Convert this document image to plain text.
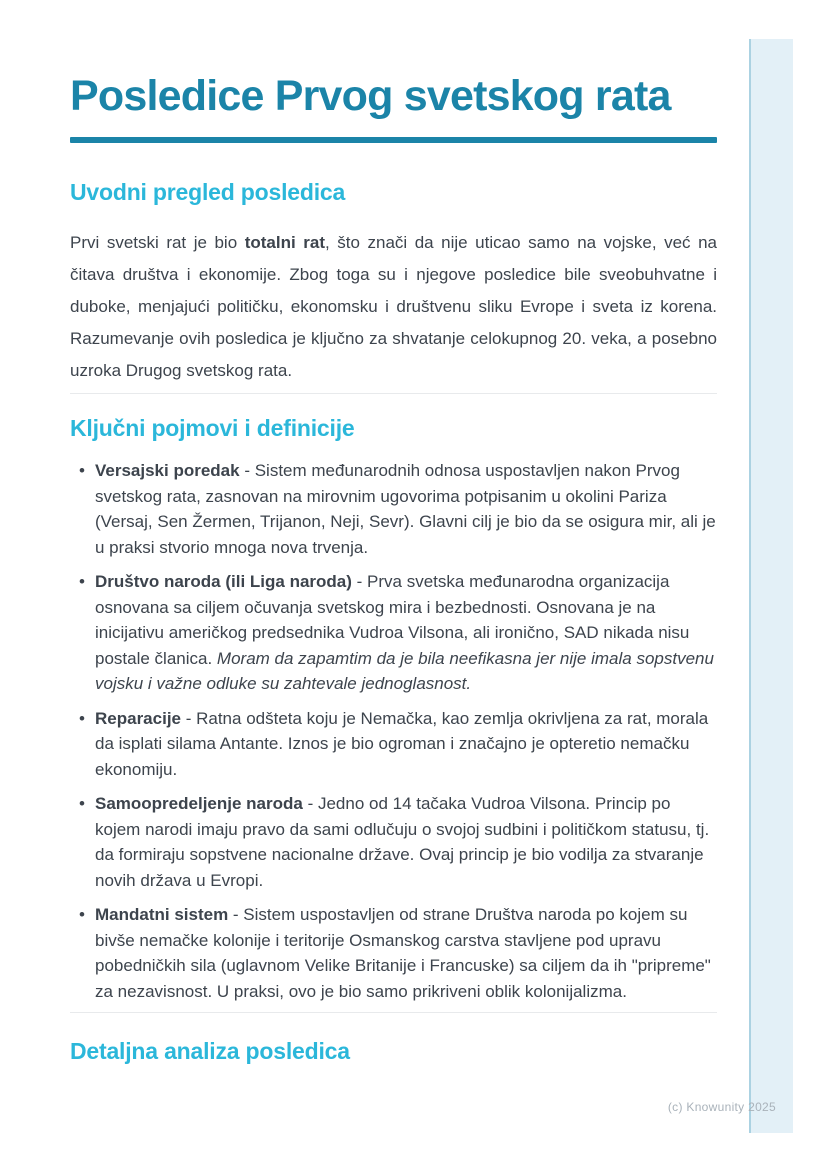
Posledice Prvog svetskog rata
Uvodni pregled posledica

Prvi svetski rat je bio totalni rat, što znači da nije uticao samo na vojske, već na čitava društva i ekonomije. Zbog toga su i njegove posledice bile sveobuhvatne i duboke, menjajući političku, ekonomsku i društvenu sliku Evrope i sveta iz korena. Razumevanje ovih posledica je ključno za shvatanje celokupnog 20. veka, a posebno uzroka Drugog svetskog rata.

Ključni pojmovi i definicije
• Versajski poredak - Sistem međunarodnih odnosa uspostavljen nakon Prvog svetskog rata, zasnovan na mirovnim ugovorima potpisanim u okolini Pariza (Versaj, Sen Žermen, Trijanon, Neji, Sevr). Glavni cilj je bio da se osigura mir, ali je u praksi stvorio mnoga nova trvenja.
• Društvo naroda (ili Liga naroda) - Prva svetska međunarodna organizacija osnovana sa ciljem očuvanja svetskog mira i bezbednosti. Osnovana je na inicijativu američkog predsednika Vudroa Vilsona, ali ironično, SAD nikada nisu postale članica. Moram da zapamtim da je bila neefikasna jer nije imala sopstvenu vojsku i važne odluke su zahtevale jednoglasnost.
• Reparacije - Ratna odšteta koju je Nemačka, kao zemlja okrivljena za rat, morala da isplati silama Antante. Iznos je bio ogroman i značajno je opteretio nemačku ekonomiju.
• Samoopredeljenje naroda - Jedno od 14 tačaka Vudroa Vilsona. Princip po kojem narodi imaju pravo da sami odlučuju o svojoj sudbini i političkom statusu, tj. da formiraju sopstvene nacionalne države. Ovaj princip je bio vodilja za stvaranje novih država u Evropi.
• Mandatni sistem - Sistem uspostavljen od strane Društva naroda po kojem su bivše nemačke kolonije i teritorije Osmanskog carstva stavljene pod upravu pobedničkih sila (uglavnom Velike Britanije i Francuske) sa ciljem da ih "pripreme" za nezavisnost. U praksi, ovo je bio samo prikriveni oblik kolonijalizma.
Detaljna analiza posledica
(c) Knowunity 2025
